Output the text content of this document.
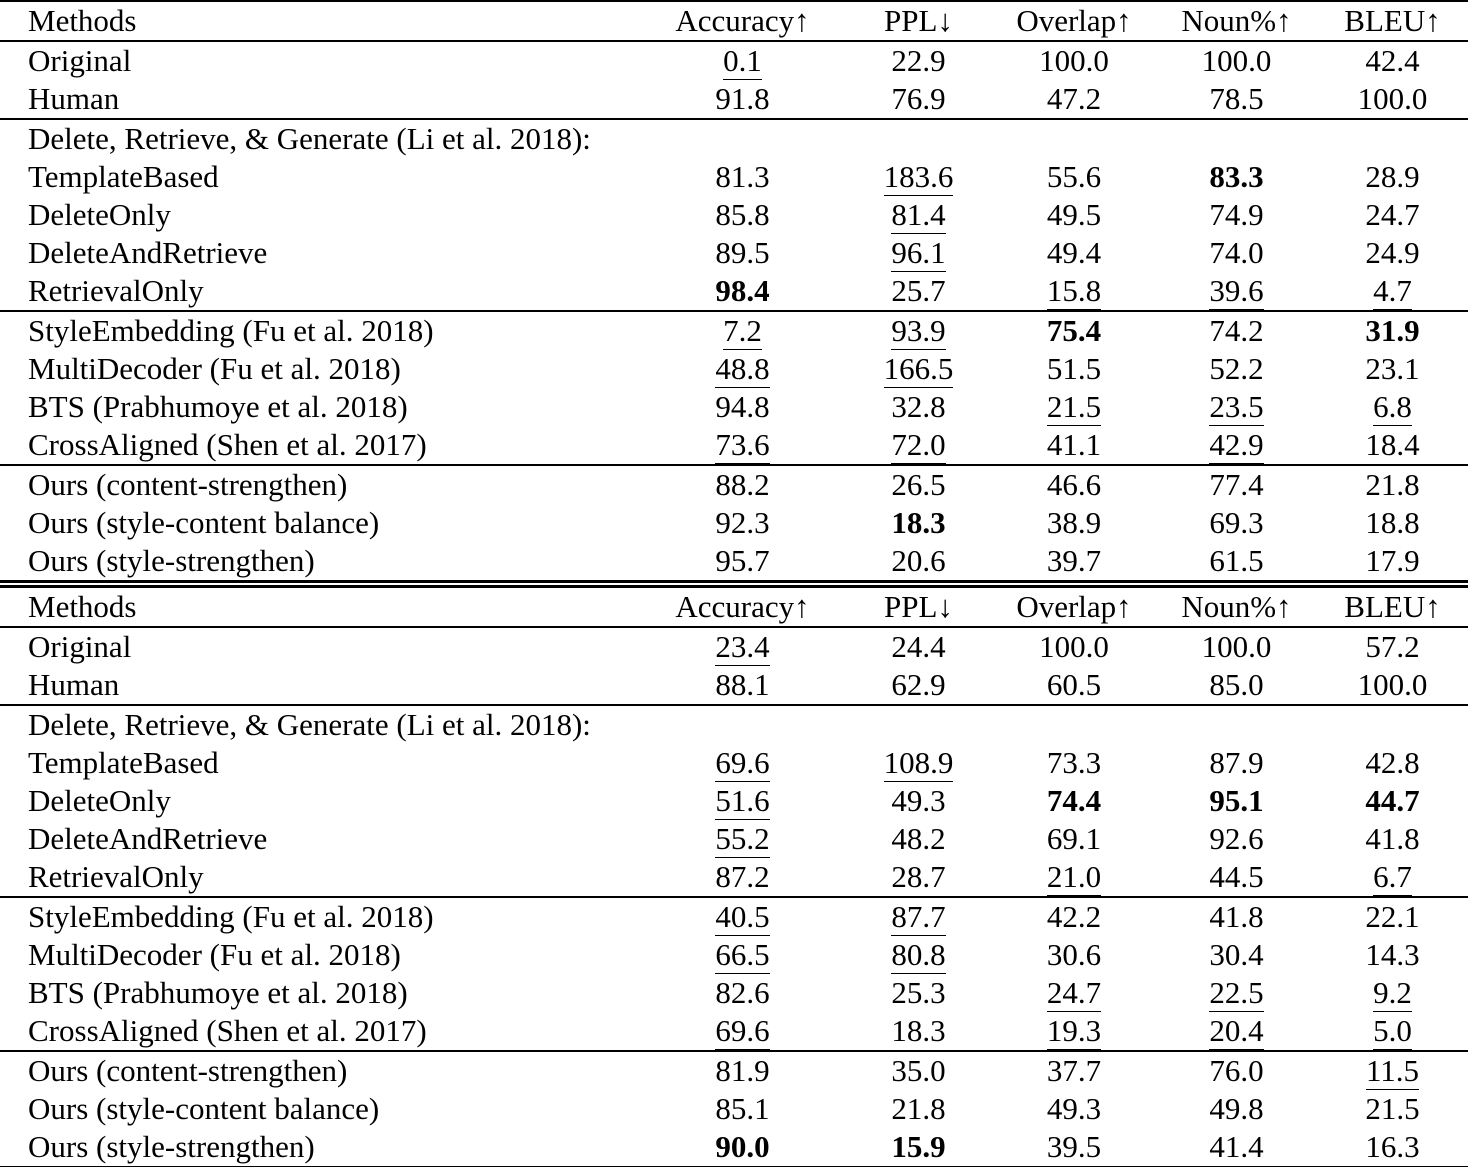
Methods	Accuracy↑	PPL↓	Overlap↑	Noun%↑	BLEU↑
Original	0.1	22.9	100.0	100.0	42.4
Human	91.8	76.9	47.2	78.5	100.0
Delete, Retrieve, & Generate (Li et al. 2018):					
TemplateBased	81.3	183.6	55.6	83.3	28.9
DeleteOnly	85.8	81.4	49.5	74.9	24.7
DeleteAndRetrieve	89.5	96.1	49.4	74.0	24.9
RetrievalOnly	98.4	25.7	15.8	39.6	4.7
StyleEmbedding (Fu et al. 2018)	7.2	93.9	75.4	74.2	31.9
MultiDecoder (Fu et al. 2018)	48.8	166.5	51.5	52.2	23.1
BTS (Prabhumoye et al. 2018)	94.8	32.8	21.5	23.5	6.8
CrossAligned (Shen et al. 2017)	73.6	72.0	41.1	42.9	18.4
Ours (content-strengthen)	88.2	26.5	46.6	77.4	21.8
Ours (style-content balance)	92.3	18.3	38.9	69.3	18.8
Ours (style-strengthen)	95.7	20.6	39.7	61.5	17.9
Methods	Accuracy↑	PPL↓	Overlap↑	Noun%↑	BLEU↑
Original	23.4	24.4	100.0	100.0	57.2
Human	88.1	62.9	60.5	85.0	100.0
Delete, Retrieve, & Generate (Li et al. 2018):					
TemplateBased	69.6	108.9	73.3	87.9	42.8
DeleteOnly	51.6	49.3	74.4	95.1	44.7
DeleteAndRetrieve	55.2	48.2	69.1	92.6	41.8
RetrievalOnly	87.2	28.7	21.0	44.5	6.7
StyleEmbedding (Fu et al. 2018)	40.5	87.7	42.2	41.8	22.1
MultiDecoder (Fu et al. 2018)	66.5	80.8	30.6	30.4	14.3
BTS (Prabhumoye et al. 2018)	82.6	25.3	24.7	22.5	9.2
CrossAligned (Shen et al. 2017)	69.6	18.3	19.3	20.4	5.0
Ours (content-strengthen)	81.9	35.0	37.7	76.0	11.5
Ours (style-content balance)	85.1	21.8	49.3	49.8	21.5
Ours (style-strengthen)	90.0	15.9	39.5	41.4	16.3
